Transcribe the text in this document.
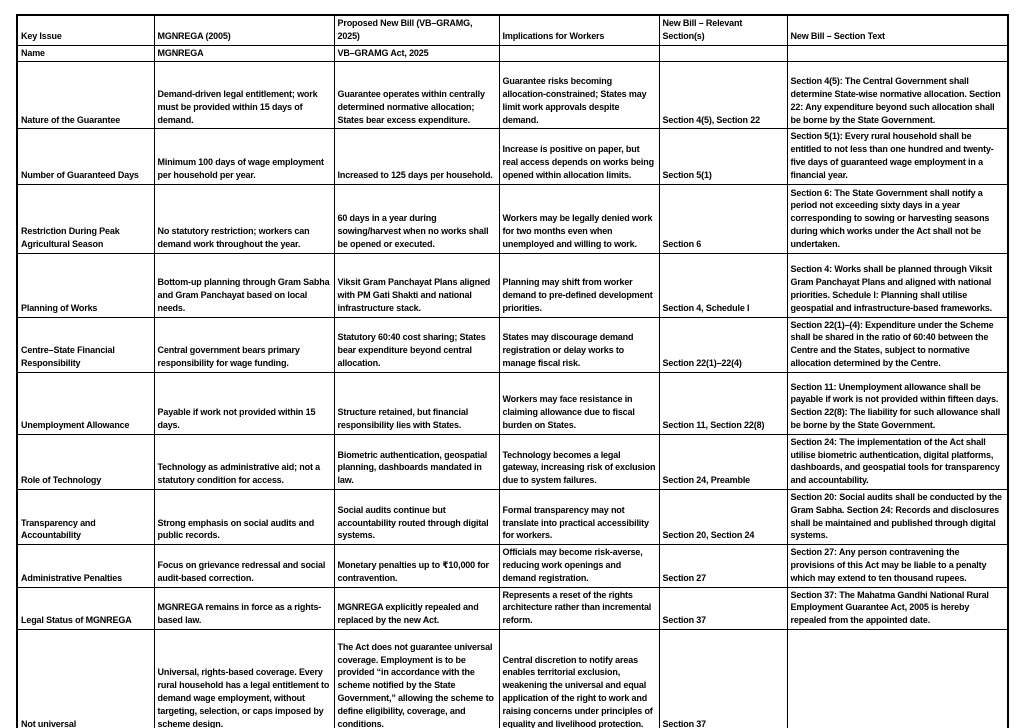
Key Issue	MGNREGA (2005)	Proposed New Bill (VB–GRAMG, 2025)	Implications for Workers	New Bill – Relevant Section(s)	New Bill – Section Text
Name	MGNREGA	VB–GRAMG Act, 2025			
Nature of the Guarantee	Demand-driven legal entitlement; work must be provided within 15 days of demand.	Guarantee operates within centrally determined normative allocation; States bear excess expenditure.	Guarantee risks becoming allocation-constrained; States may limit work approvals despite demand.	Section 4(5), Section 22	Section 4(5): The Central Government shall determine State-wise normative allocation. Section 22: Any expenditure beyond such allocation shall be borne by the State Government.
Number of Guaranteed Days	Minimum 100 days of wage employment per household per year.	Increased to 125 days per household.	Increase is positive on paper, but real access depends on works being opened within allocation limits.	Section 5(1)	Section 5(1): Every rural household shall be entitled to not less than one hundred and twenty-five days of guaranteed wage employment in a financial year.
Restriction During Peak Agricultural Season	No statutory restriction; workers can demand work throughout the year.	60 days in a year during sowing/harvest when no works shall be opened or executed.	Workers may be legally denied work for two months even when unemployed and willing to work.	Section 6	Section 6: The State Government shall notify a period not exceeding sixty days in a year corresponding to sowing or harvesting seasons during which works under the Act shall not be undertaken.
Planning of Works	Bottom-up planning through Gram Sabha and Gram Panchayat based on local needs.	Viksit Gram Panchayat Plans aligned with PM Gati Shakti and national infrastructure stack.	Planning may shift from worker demand to pre-defined development priorities.	Section 4, Schedule I	Section 4: Works shall be planned through Viksit Gram Panchayat Plans and aligned with national priorities. Schedule I: Planning shall utilise geospatial and infrastructure-based frameworks.
Centre–State Financial Responsibility	Central government bears primary responsibility for wage funding.	Statutory 60:40 cost sharing; States bear expenditure beyond central allocation.	States may discourage demand registration or delay works to manage fiscal risk.	Section 22(1)–22(4)	Section 22(1)–(4): Expenditure under the Scheme shall be shared in the ratio of 60:40 between the Centre and the States, subject to normative allocation determined by the Centre.
Unemployment Allowance	Payable if work not provided within 15 days.	Structure retained, but financial responsibility lies with States.	Workers may face resistance in claiming allowance due to fiscal burden on States.	Section 11, Section 22(8)	Section 11: Unemployment allowance shall be payable if work is not provided within fifteen days. Section 22(8): The liability for such allowance shall be borne by the State Government.
Role of Technology	Technology as administrative aid; not a statutory condition for access.	Biometric authentication, geospatial planning, dashboards mandated in law.	Technology becomes a legal gateway, increasing risk of exclusion due to system failures.	Section 24, Preamble	Section 24: The implementation of the Act shall utilise biometric authentication, digital platforms, dashboards, and geospatial tools for transparency and accountability.
Transparency and Accountability	Strong emphasis on social audits and public records.	Social audits continue but accountability routed through digital systems.	Formal transparency may not translate into practical accessibility for workers.	Section 20, Section 24	Section 20: Social audits shall be conducted by the Gram Sabha. Section 24: Records and disclosures shall be maintained and published through digital systems.
Administrative Penalties	Focus on grievance redressal and social audit-based correction.	Monetary penalties up to ₹10,000 for contravention.	Officials may become risk-averse, reducing work openings and demand registration.	Section 27	Section 27: Any person contravening the provisions of this Act may be liable to a penalty which may extend to ten thousand rupees.
Legal Status of MGNREGA	MGNREGA remains in force as a rights-based law.	MGNREGA explicitly repealed and replaced by the new Act.	Represents a reset of the rights architecture rather than incremental reform.	Section 37	Section 37: The Mahatma Gandhi National Rural Employment Guarantee Act, 2005 is hereby repealed from the appointed date.
Not universal	Universal, rights-based coverage. Every rural household has a legal entitlement to demand wage employment, without targeting, selection, or caps imposed by scheme design.	The Act does not guarantee universal coverage. Employment is to be provided “in accordance with the scheme notified by the State Government,” allowing the scheme to define eligibility, coverage, and conditions.	Central discretion to notify areas enables territorial exclusion, weakening the universal and equal application of the right to work and raising concerns under principles of equality and livelihood protection.	Section 37	
